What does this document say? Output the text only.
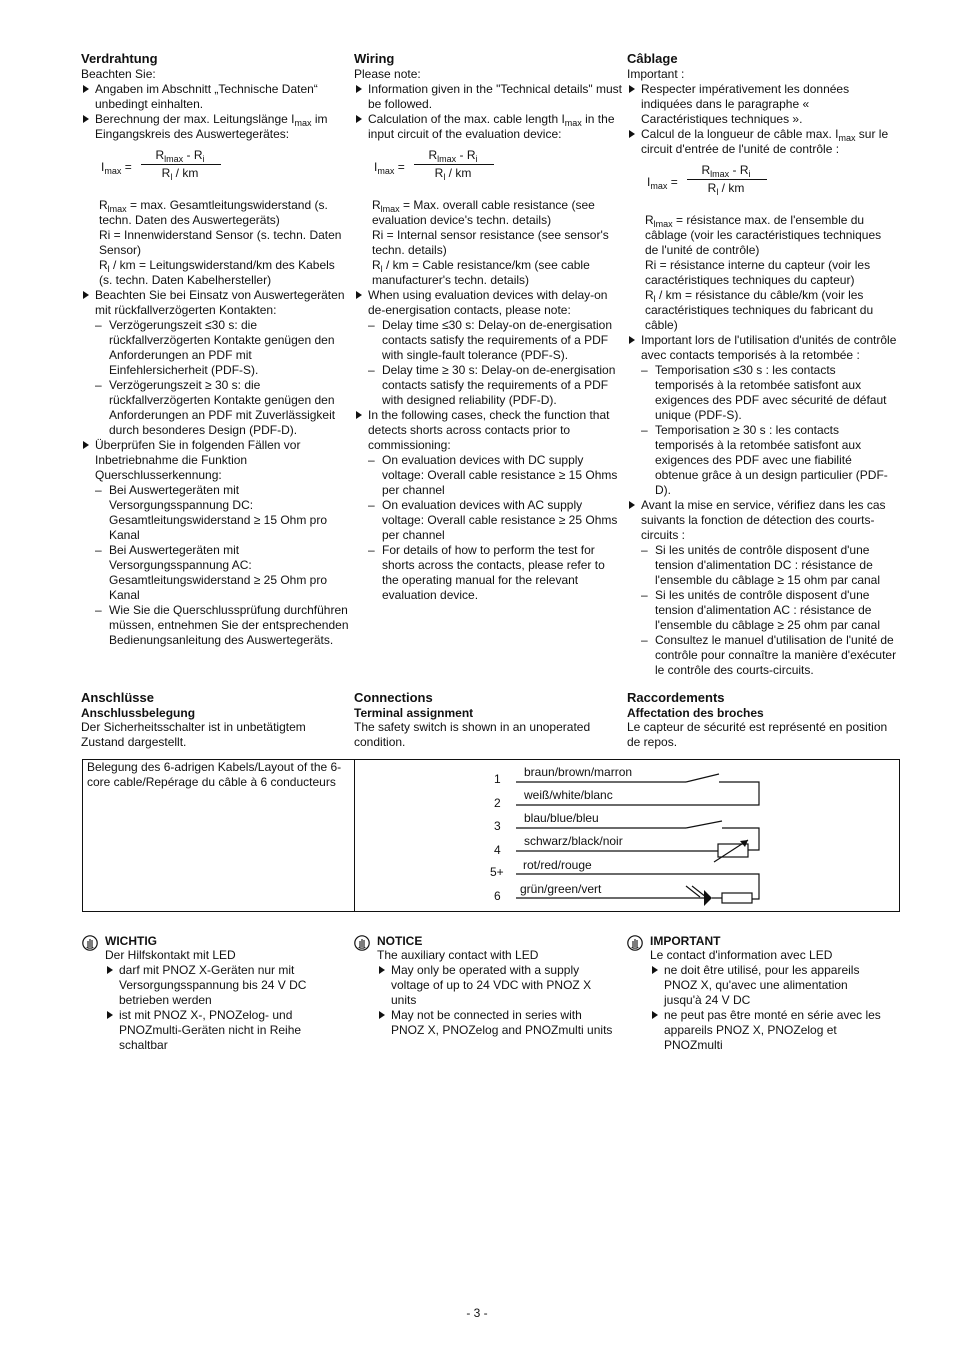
Verdrahtung

Beachten Sie:

Angaben im Abschnitt „Technische Daten“ unbedingt einhalten.

Berechnung der max. Leitungslänge $I_{max}$ im Eingangskreis des Auswertegerätes:

$I_{max}$ =
$R_{lmax} - R_i$
$R_l$ / km

$R_{lmax} = \max$. Gesamtleitungswiderstand (s. techn. Daten des Auswertegeräts)

Ri = Innenwiderstand Sensor (s. techn. Daten Sensor)

$R_l$ / km = Leitungswiderstand/km des Kabels (s. techn. Daten Kabelhersteller)

Beachten Sie bei Einsatz von Auswertegeräten mit rückfallverzögerten Kontakten:

– Verzögerungszeit ≤30 s: die rückfallverzögerten Kontakte genügen den Anforderungen an PDF mit Einfehlersicherheit (PDF-S).

– Verzögerungszeit ≥ 30 s: die rückfallverzögerten Kontakte genügen den Anforderungen an PDF mit Zuverlässigkeit durch besonderes Design (PDF-D).

Überprüfen Sie in folgenden Fällen vor Inbetriebnahme die Funktion Querschlusserkennung:

– Bei Auswertegeräten mit Versorgungsspannung DC: Gesamtleitungswiderstand ≥ 15 Ohm pro Kanal

– Bei Auswertegeräten mit Versorgungsspannung AC: Gesamtleitungswiderstand ≥ 25 Ohm pro Kanal

– Wie Sie die Querschlussprüfung durchführen müssen, entnehmen Sie der entsprechenden Bedienungsanleitung des Auswertegeräts.

Wiring

Please note:

Information given in the "Technical details" must be followed.

Calculation of the max. cable length $I_{max}$ in the input circuit of the evaluation device:

$I_{max}$ =
$R_{lmax} - R_i$
$R_l$ / km

$R_{lmax}$ = Max. overall cable resistance (see evaluation device's techn. details)

Ri = Internal sensor resistance (see sensor's techn. details)

$R_l$ / km = Cable resistance/km (see cable manufacturer's techn. details)

When using evaluation devices with delay-on de-energisation contacts, please note:

– Delay time ≤30 s: Delay-on de-energisation contacts satisfy the requirements of a PDF with single-fault tolerance (PDF-S).

– Delay time ≥ 30 s: Delay-on de-energisation contacts satisfy the requirements of a PDF with designed reliability (PDF-D).

In the following cases, check the function that detects shorts across contacts prior to commissioning:

– On evaluation devices with DC supply voltage: Overall cable resistance ≥ 15 Ohms per channel

– On evaluation devices with AC supply voltage: Overall cable resistance ≥ 25 Ohms per channel

– For details of how to perform the test for shorts across the contacts, please refer to the operating manual for the relevant evaluation device.

Câblage

Important :

Respecter impérativement les données indiquées dans le paragraphe « Caractéristiques techniques ».

Calcul de la longueur de câble max. $I_{max}$ sur le circuit d'entrée de l'unité de contrôle :

$I_{max}$ =
$R_{lmax} - R_i$
$R_l$ / km

$R_{lmax}$ = résistance max. de l'ensemble du câblage (voir les caractéristiques techniques de l'unité de contrôle)

Ri = résistance interne du capteur (voir les caractéristiques techniques du capteur)

$R_l$ / km = résistance du câble/km (voir les caractéristiques techniques du fabricant du câble)

Important lors de l'utilisation d'unités de contrôle avec contacts temporisés à la retombée :

– Temporisation ≤30 s : les contacts temporisés à la retombée satisfont aux exigences des PDF avec sécurité de défaut unique (PDF-S).

– Temporisation ≥ 30 s : les contacts temporisés à la retombée satisfont aux exigences des PDF avec une fiabilité obtenue grâce à un design particulier (PDF-D).

Avant la mise en service, vérifiez dans les cas suivants la fonction de détection des courts-circuits :

– Si les unités de contrôle disposent d'une tension d'alimentation DC : résistance de l'ensemble du câblage ≥ 15 ohm par canal

– Si les unités de contrôle disposent d'une tension d'alimentation AC : résistance de l'ensemble du câblage ≥ 25 ohm par canal

– Consultez le manuel d'utilisation de l'unité de contrôle pour connaître la manière d'exécuter le contrôle des courts-circuits.

Anschlüsse
Anschlussbelegung

Der Sicherheitsschalter ist in unbetätigtem Zustand dargestellt.

Connections
Terminal assignment

The safety switch is shown in an unoperated condition.

Raccordements
Affectation des broches

Le capteur de sécurité est représenté en position de repos.

Belegung des 6-adrigen Kabels/Layout of the 6-core cable/Repérage du câble à 6 conducteurs	1
2
3
4
5+
6
braun/brown/marron
weiß/white/blanc
blau/blue/bleu
schwarz/black/noir
rot/red/rouge
grün/green/vert
WICHTIG

Der Hilfskontakt mit LED

darf mit PNOZ X-Geräten nur mit Versorgungsspannung bis 24 V DC betrieben werden

ist mit PNOZ X-, PNOZelog- und PNOZmulti-Geräten nicht in Reihe schaltbar

NOTICE

The auxiliary contact with LED

May only be operated with a supply voltage of up to 24 VDC with PNOZ X units

May not be connected in series with PNOZ X, PNOZelog and PNOZmulti units

IMPORTANT

Le contact d'information avec LED

ne doit être utilisé, pour les appareils PNOZ X, qu'avec une alimentation jusqu'à 24 V DC

ne peut pas être monté en série avec les appareils PNOZ X, PNOZelog et PNOZmulti

- 3 -
